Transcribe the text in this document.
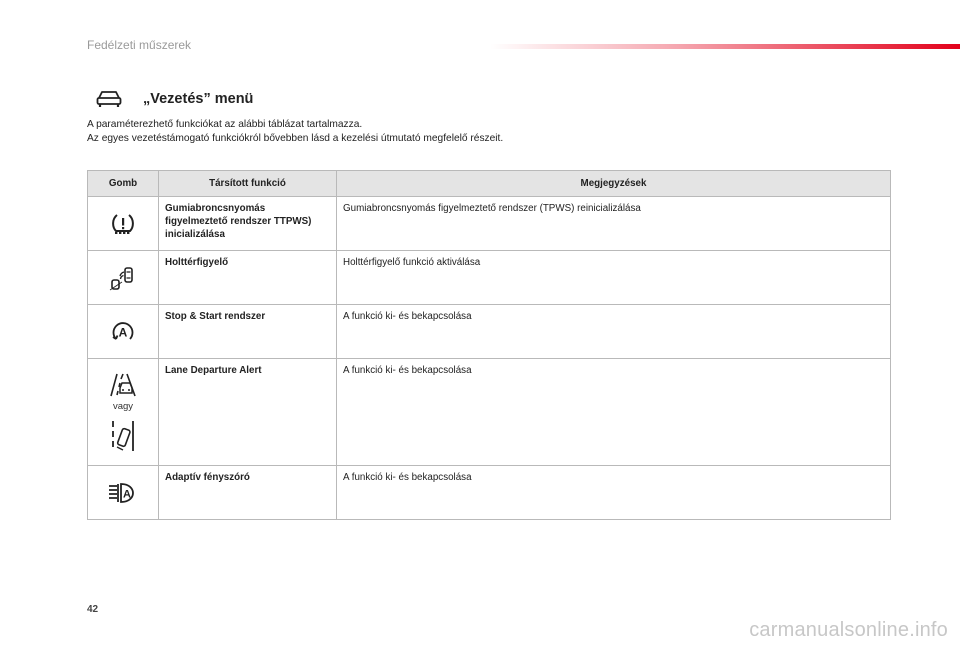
Fedélzeti műszerek
„Vezetés” menü

A paraméterezhető funkciókat az alábbi táblázat tartalmazza.

Az egyes vezetéstámogató funkciókról bővebben lásd a kezelési útmutató megfelelő részeit.

Gomb	Társított funkció	Megjegyzések

	Gumiabroncsnyomás figyelmeztető rendszer TTPWS) inicializálása	Gumiabroncsnyomás figyelmeztető rendszer (TPWS) reinicializálása

	Holttérfigyelő	Holttérfigyelő funkció aktiválása

A	Stop & Start rendszer	A funkció ki- és bekapcsolása

vagy	Lane Departure Alert	A funkció ki- és bekapcsolása

A	Adaptív fényszóró	A funkció ki- és bekapcsolása
42
carmanualsonline.info
